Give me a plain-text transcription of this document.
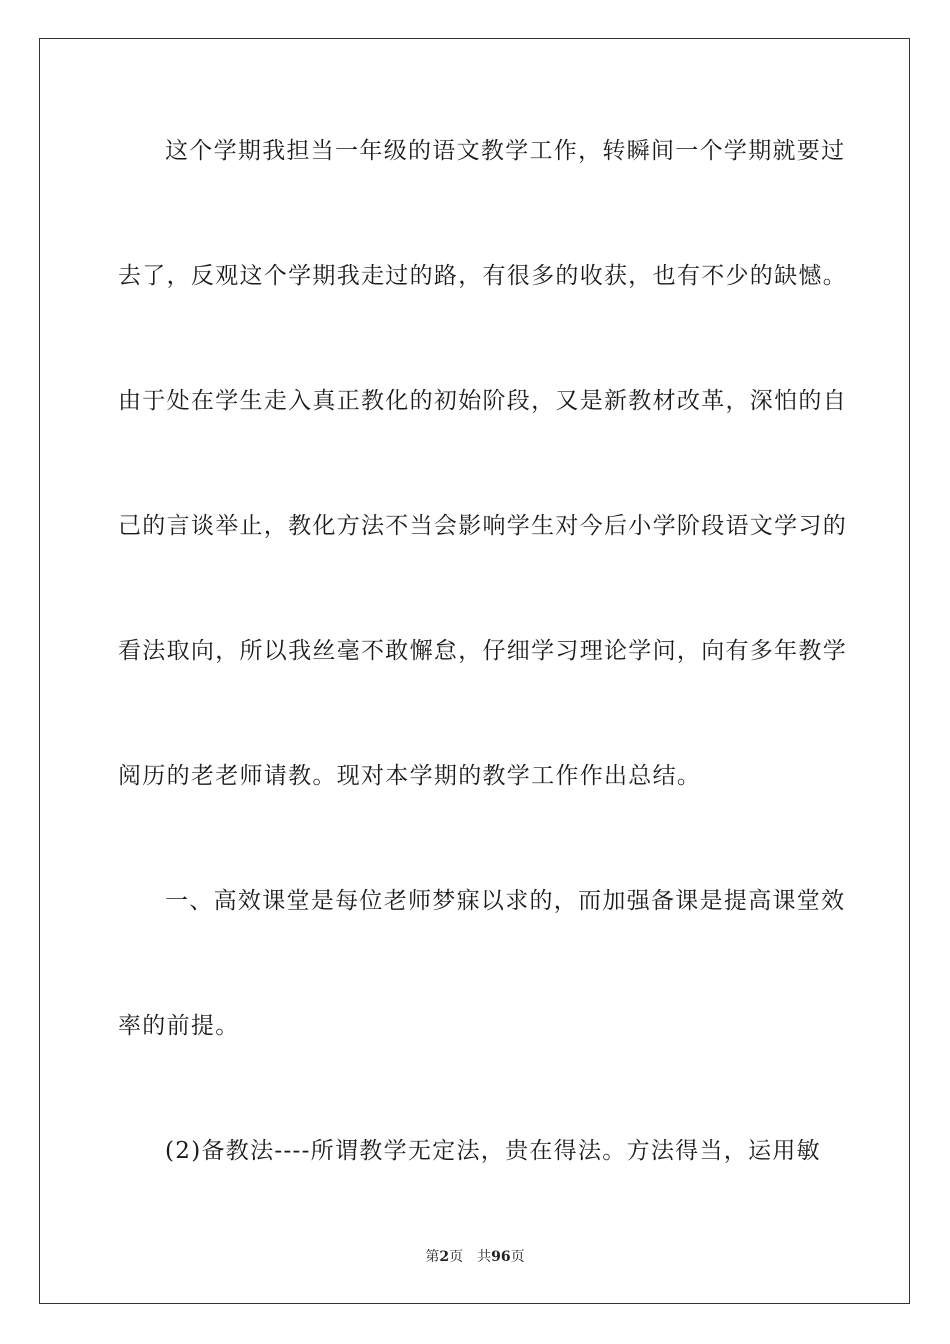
这个学期我担当一年级的语文教学工作，转瞬间一个学期就要过
去了，反观这个学期我走过的路，有很多的收获，也有不少的缺憾。
由于处在学生走入真正教化的初始阶段，又是新教材改革，深怕的自
己的言谈举止，教化方法不当会影响学生对今后小学阶段语文学习的
看法取向，所以我丝毫不敢懈怠，仔细学习理论学问，向有多年教学
阅历的老老师请教。现对本学期的教学工作作出总结。
一、高效课堂是每位老师梦寐以求的，而加强备课是提高课堂效
率的前提。
(2)备教法----所谓教学无定法，贵在得法。方法得当，运用敏
第2页 共96页
